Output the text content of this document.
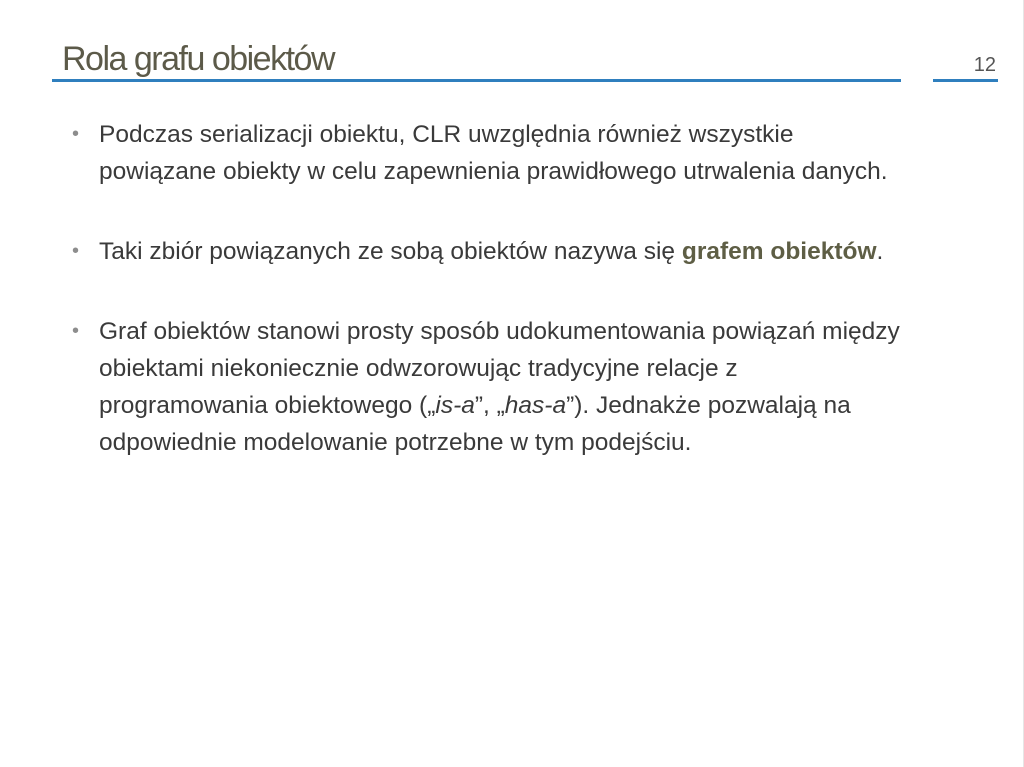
Rola grafu obiektów	12
• Podczas serializacji obiektu, CLR uwzględnia również wszystkie powiązane obiekty w celu zapewnienia prawidłowego utrwalenia danych.
• Taki zbiór powiązanych ze sobą obiektów nazywa się grafem obiektów.
• Graf obiektów stanowi prosty sposób udokumentowania powiązań między obiektami niekoniecznie odwzorowując tradycyjne relacje z programowania obiektowego („is-a”, „has-a”). Jednakże pozwalają na odpowiednie modelowanie potrzebne w tym podejściu.
